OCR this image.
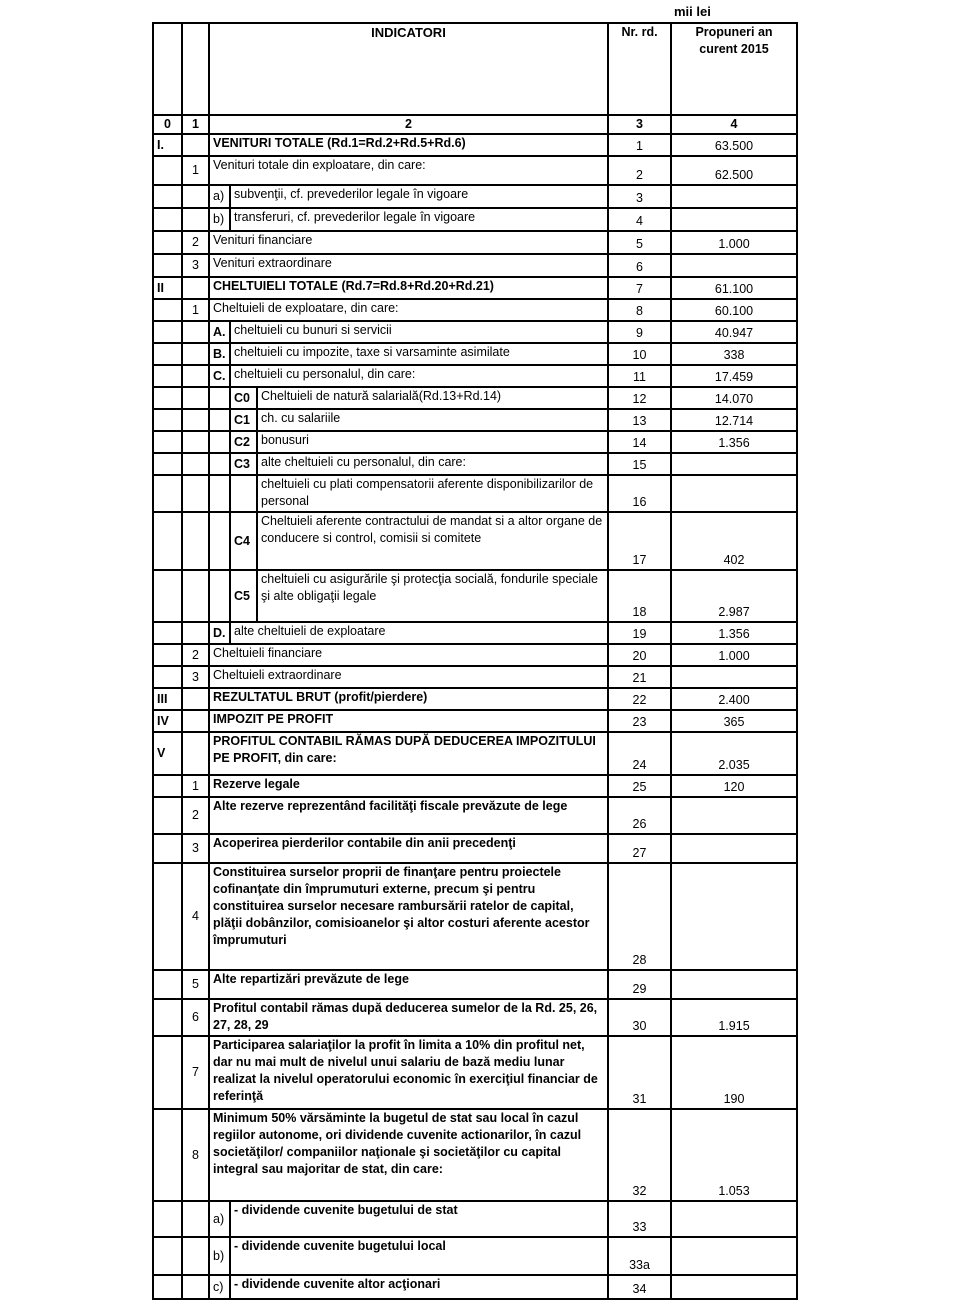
mii lei
		INDICATORI			Nr. rd.	Propuneri an curent 2015
0	1	2			3	4
I.		VENITURI TOTALE (Rd.1=Rd.2+Rd.5+Rd.6)			1	63.500
	1	Venituri totale din exploatare, din care:			2	62.500
		a)	subvenţii, cf. prevederilor legale în vigoare		3	
		b)	transferuri, cf. prevederilor legale în vigoare		4	
	2	Venituri financiare			5	1.000
	3	Venituri extraordinare			6	
II		CHELTUIELI TOTALE (Rd.7=Rd.8+Rd.20+Rd.21)			7	61.100
	1	Cheltuieli de exploatare, din care:			8	60.100
		A.	cheltuieli cu bunuri si servicii		9	40.947
		B.	cheltuieli cu impozite, taxe si varsaminte asimilate		10	338
		C.	cheltuieli cu personalul, din care:		11	17.459
			C0	Cheltuieli de natură salarială(Rd.13+Rd.14)	12	14.070
			C1	ch. cu salariile	13	12.714
			C2	bonusuri	14	1.356
			C3	alte cheltuieli cu personalul, din care:	15	
				cheltuieli cu plati compensatorii aferente disponibilizarilor de personal	16	
			C4	Cheltuieli aferente contractului de mandat si a altor organe de conducere si control, comisii si comitete	17	402
			C5	cheltuieli cu asigurările şi protecţia socială, fondurile speciale şi alte obligaţii legale	18	2.987
		D.	alte cheltuieli de exploatare		19	1.356
	2	Cheltuieli financiare			20	1.000
	3	Cheltuieli extraordinare			21	
III		REZULTATUL BRUT (profit/pierdere)			22	2.400
IV		IMPOZIT PE PROFIT			23	365
V		PROFITUL CONTABIL RĂMAS DUPĂ DEDUCEREA IMPOZITULUI PE PROFIT, din care:			24	2.035
	1	Rezerve legale			25	120
	2	Alte rezerve reprezentând facilităţi fiscale prevăzute de lege			26	
	3	Acoperirea pierderilor contabile din anii precedenţi			27	
	4	Constituirea surselor proprii de finanţare pentru proiectele cofinanţate din împrumuturi externe, precum şi pentru constituirea surselor necesare rambursării ratelor de capital, plăţii dobânzilor, comisioanelor şi altor costuri aferente acestor împrumuturi			28	
	5	Alte repartizări prevăzute de lege			29	
	6	Profitul contabil rămas după deducerea sumelor de la Rd. 25, 26, 27, 28, 29			30	1.915
	7	Participarea salariaţilor la profit în limita a 10% din profitul net, dar nu mai mult de nivelul unui salariu de bază mediu lunar realizat la nivelul operatorului economic în exerciţiul financiar de referinţă			31	190
	8	Minimum 50% vărsăminte la bugetul de stat sau local în cazul regiilor autonome, ori dividende cuvenite actionarilor, în cazul societăţilor/ companiilor naţionale şi societăţilor cu capital integral sau majoritar de stat, din care:			32	1.053
		a)	- dividende cuvenite bugetului de stat		33	
		b)	- dividende cuvenite bugetului local		33a	
		c)	- dividende cuvenite altor acţionari		34	
